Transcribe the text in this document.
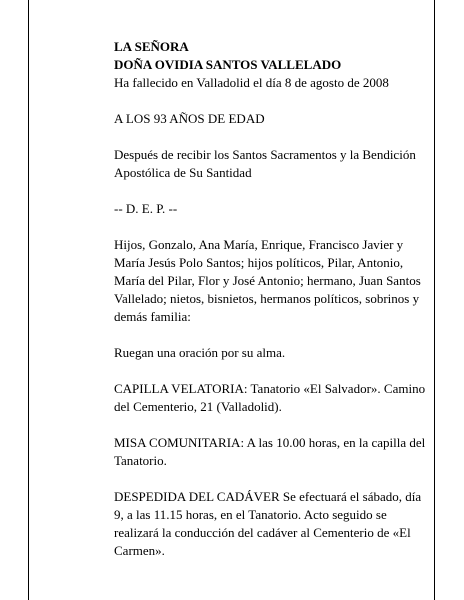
LA SEÑORA
DOÑA OVIDIA SANTOS VALLELADO
Ha fallecido en Valladolid el día 8 de agosto de 2008

A LOS 93 AÑOS DE EDAD

Después de recibir los Santos Sacramentos y la Bendición Apostólica de Su Santidad

-- D. E. P. --

Hijos, Gonzalo, Ana María, Enrique, Francisco Javier y María Jesús Polo Santos; hijos políticos, Pilar, Antonio, María del Pilar, Flor y José Antonio; hermano, Juan Santos Vallelado; nietos, bisnietos, hermanos políticos, sobrinos y demás familia:

Ruegan una oración por su alma.

CAPILLA VELATORIA: Tanatorio «El Salvador». Camino del Cementerio, 21 (Valladolid).

MISA COMUNITARIA: A las 10.00 horas, en la capilla del Tanatorio.

DESPEDIDA DEL CADÁVER Se efectuará el sábado, día 9, a las 11.15 horas, en el Tanatorio. Acto seguido se realizará la conducción del cadáver al Cementerio de «El Carmen».
